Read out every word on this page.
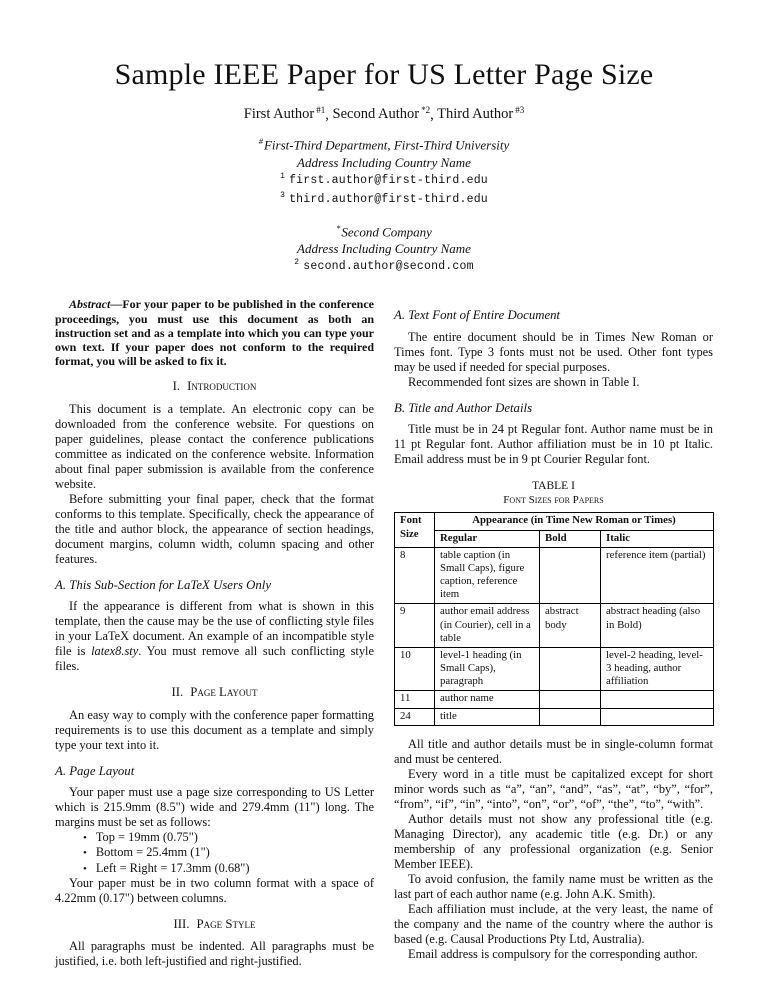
Sample IEEE Paper for US Letter Page Size

First Author $^{\#1}$, Second Author $^{*2}$, Third Author $^{\#3}$

#First-Third Department, First-Third University
Address Including Country Name
$^1$ first.author@first-third.edu
$^3$ third.author@first-third.edu
*Second Company
Address Including Country Name
$^2$ second.author@second.com

Abstract—For your paper to be published in the conference proceedings, you must use this document as both an instruction set and as a template into which you can type your own text. If your paper does not conform to the required format, you will be asked to fix it.

I. Introduction

This document is a template. An electronic copy can be downloaded from the conference website. For questions on paper guidelines, please contact the conference publications committee as indicated on the conference website. Information about final paper submission is available from the conference website.

Before submitting your final paper, check that the format conforms to this template. Specifically, check the appearance of the title and author block, the appearance of section headings, document margins, column width, column spacing and other features.

A. This Sub-Section for LaTeX Users Only

If the appearance is different from what is shown in this template, then the cause may be the use of conflicting style files in your LaTeX document. An example of an incompatible style file is latex8.sty. You must remove all such conflicting style files.

II. Page Layout

An easy way to comply with the conference paper formatting requirements is to use this document as a template and simply type your text into it.

A. Page Layout

Your paper must use a page size corresponding to US Letter which is 215.9mm (8.5") wide and 279.4mm (11") long. The margins must be set as follows:

• Top = 19mm (0.75")
• Bottom = 25.4mm (1")
• Left = Right = 17.3mm (0.68")

Your paper must be in two column format with a space of 4.22mm (0.17") between columns.

III. Page Style

All paragraphs must be indented. All paragraphs must be justified, i.e. both left-justified and right-justified.

A. Text Font of Entire Document

The entire document should be in Times New Roman or Times font. Type 3 fonts must not be used. Other font types may be used if needed for special purposes.

Recommended font sizes are shown in Table I.

B. Title and Author Details

Title must be in 24 pt Regular font. Author name must be in 11 pt Regular font. Author affiliation must be in 10 pt Italic. Email address must be in 9 pt Courier Regular font.

TABLE I
Font Sizes for Papers
Font Size	Appearance (in Time New Roman or Times)		
	Regular	Bold	Italic
8	table caption (in Small Caps), figure caption, reference item		reference item (partial)
9	author email address (in Courier), cell in a table	abstract body	abstract heading (also in Bold)
10	level-1 heading (in Small Caps), paragraph		level-2 heading, level-3 heading, author affiliation
11	author name		
24	title		

All title and author details must be in single-column format and must be centered.

Every word in a title must be capitalized except for short minor words such as “a”, “an”, “and”, “as”, “at”, “by”, “for”, “from”, “if”, “in”, “into”, “on”, “or”, “of”, “the”, “to”, “with”.

Author details must not show any professional title (e.g. Managing Director), any academic title (e.g. Dr.) or any membership of any professional organization (e.g. Senior Member IEEE).

To avoid confusion, the family name must be written as the last part of each author name (e.g. John A.K. Smith).

Each affiliation must include, at the very least, the name of the company and the name of the country where the author is based (e.g. Causal Productions Pty Ltd, Australia).

Email address is compulsory for the corresponding author.
